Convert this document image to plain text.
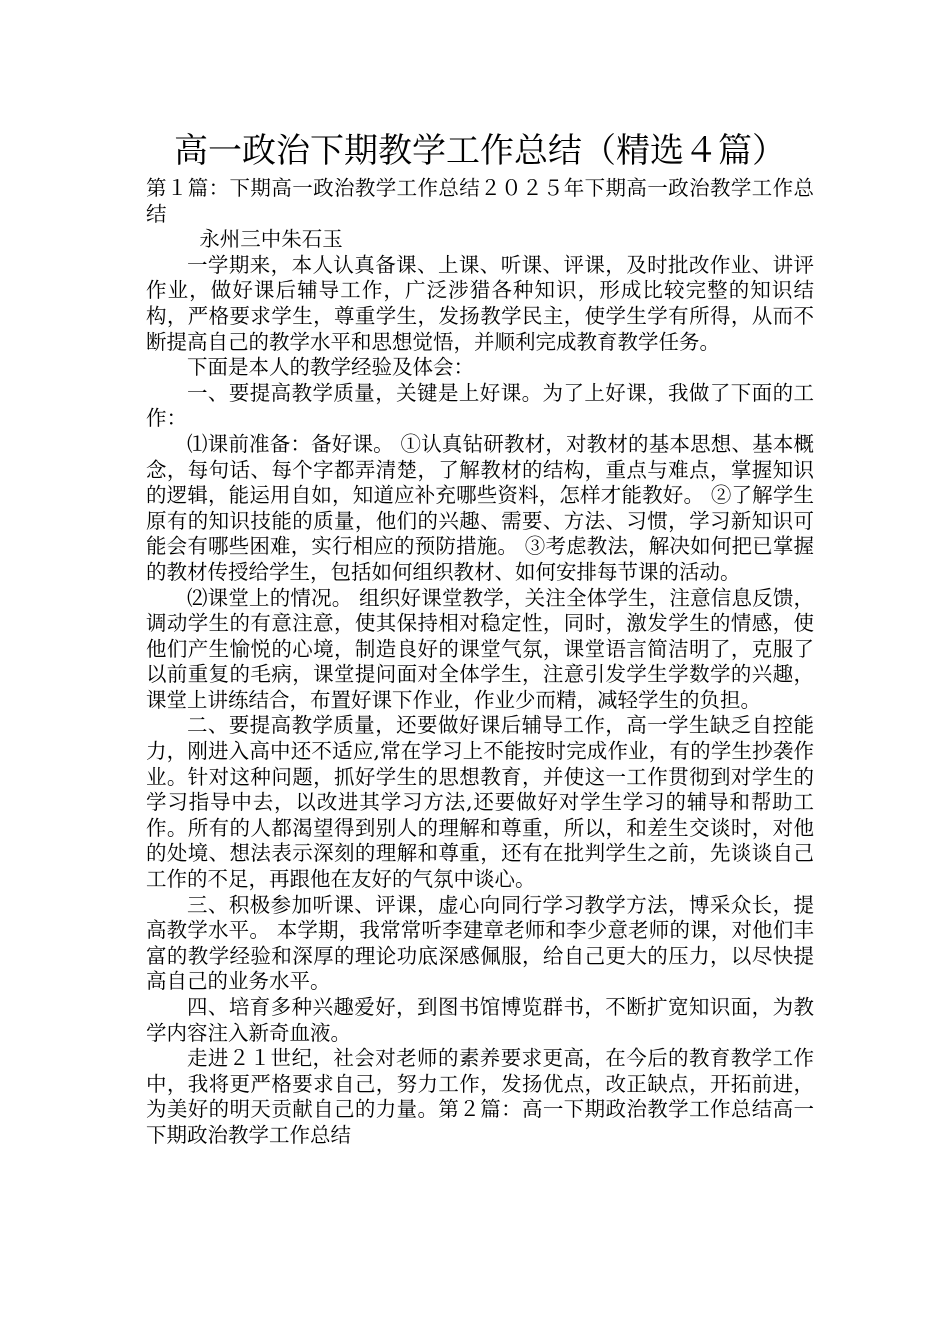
高一政治下期教学工作总结（精选４篇）

第１篇：下期高一政治教学工作总结２０２５年下期高一政治教学工作总结

永州三中朱石玉

一学期来，本人认真备课、上课、听课、评课，及时批改作业、讲评作业，做好课后辅导工作，广泛涉猎各种知识，形成比较完整的知识结构，严格要求学生，尊重学生，发扬教学民主，使学生学有所得，从而不断提高自己的教学水平和思想觉悟，并顺利完成教育教学任务。

下面是本人的教学经验及体会：

一、要提高教学质量，关键是上好课。为了上好课，我做了下面的工作：

⑴课前准备：备好课。 ①认真钻研教材，对教材的基本思想、基本概念，每句话、每个字都弄清楚，了解教材的结构，重点与难点，掌握知识的逻辑，能运用自如，知道应补充哪些资料，怎样才能教好。 ②了解学生原有的知识技能的质量，他们的兴趣、需要、方法、习惯，学习新知识可能会有哪些困难，实行相应的预防措施。 ③考虑教法，解决如何把已掌握的教材传授给学生，包括如何组织教材、如何安排每节课的活动。

⑵课堂上的情况。 组织好课堂教学，关注全体学生，注意信息反馈，调动学生的有意注意，使其保持相对稳定性，同时，激发学生的情感，使他们产生愉悦的心境，制造良好的课堂气氛，课堂语言简洁明了，克服了以前重复的毛病，课堂提问面对全体学生，注意引发学生学数学的兴趣，课堂上讲练结合，布置好课下作业，作业少而精，减轻学生的负担。

二、要提高教学质量，还要做好课后辅导工作，高一学生缺乏自控能力，刚进入高中还不适应,常在学习上不能按时完成作业，有的学生抄袭作业。针对这种问题，抓好学生的思想教育，并使这一工作贯彻到对学生的学习指导中去，以改进其学习方法,还要做好对学生学习的辅导和帮助工作。所有的人都渴望得到别人的理解和尊重，所以，和差生交谈时，对他的处境、想法表示深刻的理解和尊重，还有在批判学生之前，先谈谈自己工作的不足，再跟他在友好的气氛中谈心。

三、积极参加听课、评课，虚心向同行学习教学方法，博采众长，提高教学水平。 本学期，我常常听李建章老师和李少意老师的课，对他们丰富的教学经验和深厚的理论功底深感佩服，给自己更大的压力，以尽快提高自己的业务水平。

四、培育多种兴趣爱好，到图书馆博览群书，不断扩宽知识面，为教学内容注入新奇血液。

走进２１世纪，社会对老师的素养要求更高，在今后的教育教学工作中，我将更严格要求自己，努力工作，发扬优点，改正缺点，开拓前进，为美好的明天贡献自己的力量。第２篇：高一下期政治教学工作总结高一下期政治教学工作总结
